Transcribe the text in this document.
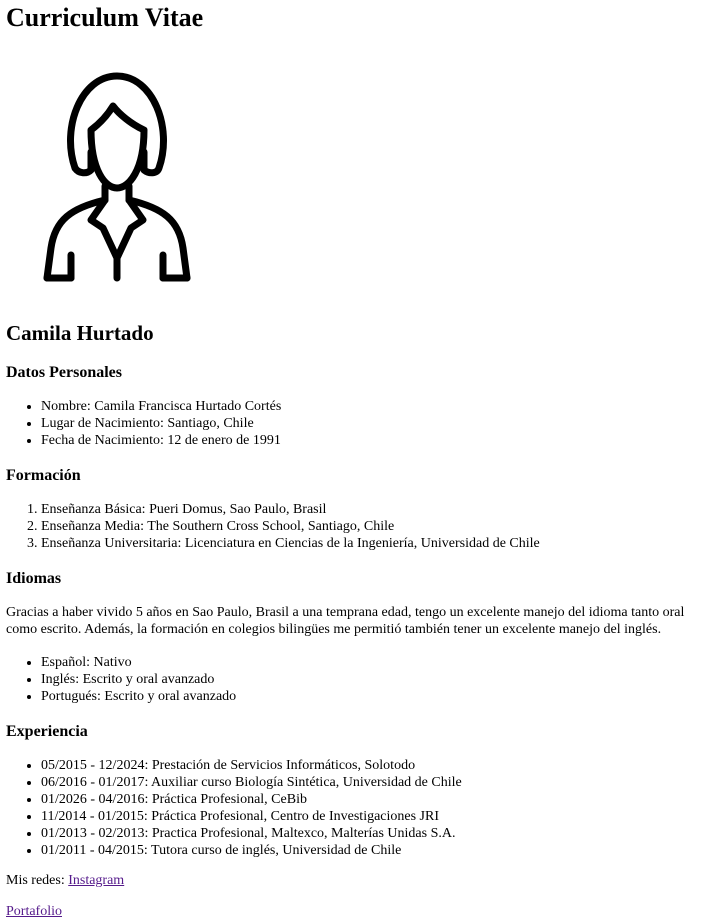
Curriculum Vitae
Camila Hurtado
Datos Personales
• Nombre: Camila Francisca Hurtado Cortés
• Lugar de Nacimiento: Santiago, Chile
• Fecha de Nacimiento: 12 de enero de 1991
Formación
1. Enseñanza Básica: Pueri Domus, Sao Paulo, Brasil
2. Enseñanza Media: The Southern Cross School, Santiago, Chile
3. Enseñanza Universitaria: Licenciatura en Ciencias de la Ingeniería, Universidad de Chile
Idiomas

Gracias a haber vivido 5 años en Sao Paulo, Brasil a una temprana edad, tengo un excelente manejo del idioma tanto oral como escrito. Además, la formación en colegios bilingües me permitió también tener un excelente manejo del inglés.

• Español: Nativo
• Inglés: Escrito y oral avanzado
• Portugués: Escrito y oral avanzado
Experiencia
• 05/2015 - 12/2024: Prestación de Servicios Informáticos, Solotodo
• 06/2016 - 01/2017: Auxiliar curso Biología Sintética, Universidad de Chile
• 01/2026 - 04/2016: Práctica Profesional, CeBib
• 11/2014 - 01/2015: Práctica Profesional, Centro de Investigaciones JRI
• 01/2013 - 02/2013: Practica Profesional, Maltexco, Malterías Unidas S.A.
• 01/2011 - 04/2015: Tutora curso de inglés, Universidad de Chile

Mis redes: Instagram

Portafolio
